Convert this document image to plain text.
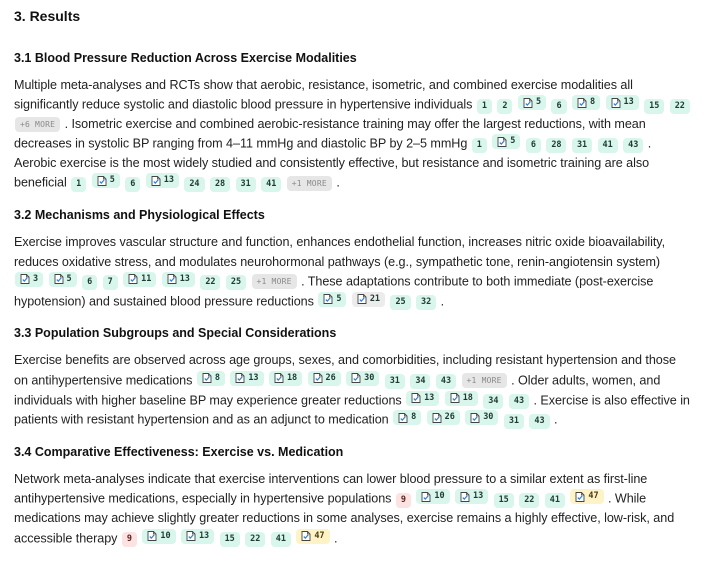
3. Results
3.1 Blood Pressure Reduction Across Exercise Modalities

Multiple meta-analyses and RCTs show that aerobic, resistance, isometric, and combined exercise modalities all significantly reduce systolic and diastolic blood pressure in hypertensive individuals 1
2
	5
6
	8
	13
15
22

+6 MORE . Isometric exercise and combined aerobic-resistance training may offer the largest reductions, with mean decreases in systolic BP ranging from 4–11 mmHg and diastolic BP by 2–5 mmHg 1
	5
6
28
31
41
43 . Aerobic exercise is the most widely studied and consistently effective, but resistance and isometric training are also beneficial 1
	5
6
	13
24
28
31
41
+1 MORE .

3.2 Mechanisms and Physiological Effects

Exercise improves vascular structure and function, enhances endothelial function, increases nitric oxide bioavailability, reduces oxidative stress, and modulates neurohormonal pathways (e.g., sympathetic tone, renin-angiotensin system)
3
	5
6
7
	11
	13
22
25
+1 MORE . These adaptations contribute to both immediate (post-exercise hypotension) and sustained blood pressure reductions	5
	21
25
32 .

3.3 Population Subgroups and Special Considerations

Exercise benefits are observed across age groups, sexes, and comorbidities, including resistant hypertension and those on antihypertensive medications	8
	13
	18
	26
	30
31
34
43
+1 MORE . Older adults, women, and individuals with higher baseline BP may experience greater reductions	13
	18
34
43 . Exercise is also effective in patients with resistant hypertension and as an adjunct to medication	8
	26
	30
31
43 .

3.4 Comparative Effectiveness: Exercise vs. Medication

Network meta-analyses indicate that exercise interventions can lower blood pressure to a similar extent as first-line antihypertensive medications, especially in hypertensive populations 9
	10
	13
15
22
41
	47 . While medications may achieve slightly greater reductions in some analyses, exercise remains a highly effective, low-risk, and accessible therapy 9
	10
	13
15
22
41
	47 .
